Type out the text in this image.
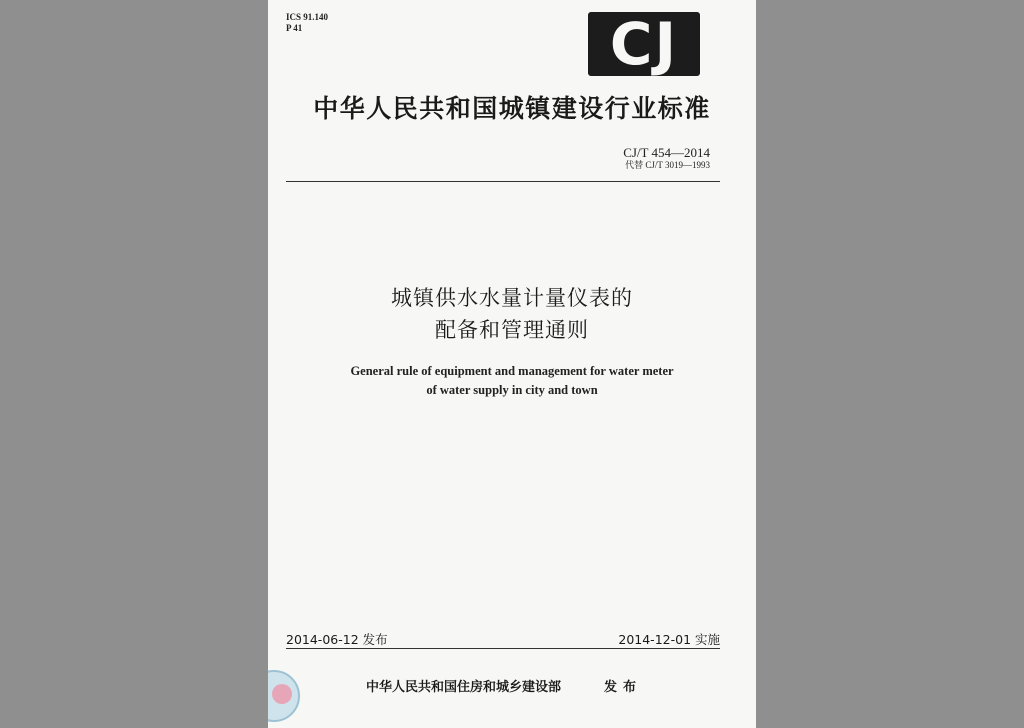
ICS 91.140
P 41	CJ
中华人民共和国城镇建设行业标准
CJ/T 454—2014
代替 CJ/T 3019—1993
城镇供水水量计量仪表的
配备和管理通则
General rule of equipment and management for water meter
of water supply in city and town
2014-06-12 发布	2014-12-01 实施
中华人民共和国住房和城乡建设部	发布
